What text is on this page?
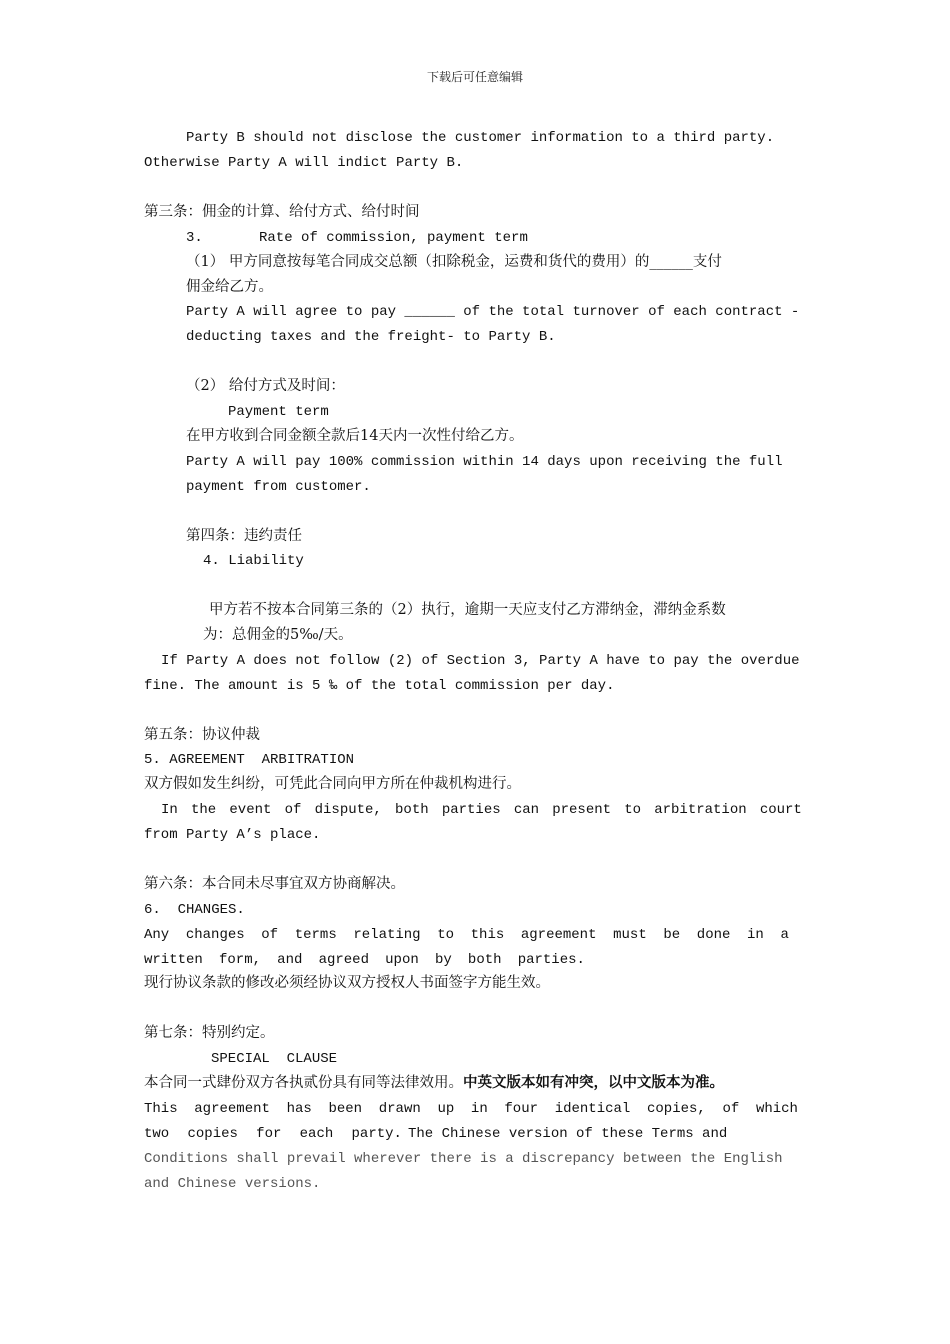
下载后可任意编辑
Party B should not disclose the customer information to a third party.
Otherwise Party A will indict Party B.
第三条：佣金的计算、给付方式、给付时间
3.	Rate of commission, payment term
（1） 甲方同意按每笔合同成交总额（扣除税金，运费和货代的费用）的______支付
佣金给乙方。
Party A will agree to pay ______ of the total turnover of each contract -
deducting taxes and the freight- to Party B.
（2） 给付方式及时间：
Payment term
在甲方收到合同金额全款后14天内一次性付给乙方。
Party A will pay 100% commission within 14 days upon receiving the full
payment from customer.
第四条：违约责任
4. Liability
甲方若不按本合同第三条的（2）执行，逾期一天应支付乙方滞纳金，滞纳金系数
为：总佣金的5‰/天。
If Party A does not follow (2) of Section 3, Party A have to pay the overdue
fine. The amount is 5 ‰ of the total commission per day.
第五条：协议仲裁
5. AGREEMENT  ARBITRATION
双方假如发生纠纷，可凭此合同向甲方所在仲裁机构进行。
In the event of dispute, both parties can present to arbitration court
from Party A’s place.
第六条：本合同未尽事宜双方协商解决。
6.  CHANGES.
Any changes of terms relating to this agreement must be done in a
written form, and agreed upon by both parties.
现行协议条款的修改必须经协议双方授权人书面签字方能生效。
第七条：特别约定。
SPECIAL  CLAUSE
本合同一式肆份双方各执贰份具有同等法律效用。中英文版本如有冲突，以中文版本为准。
This agreement has been drawn up in four identical copies, of which
two copies for each party. The Chinese version of these Terms and
Conditions shall prevail wherever there is a discrepancy between the English
and Chinese versions.
